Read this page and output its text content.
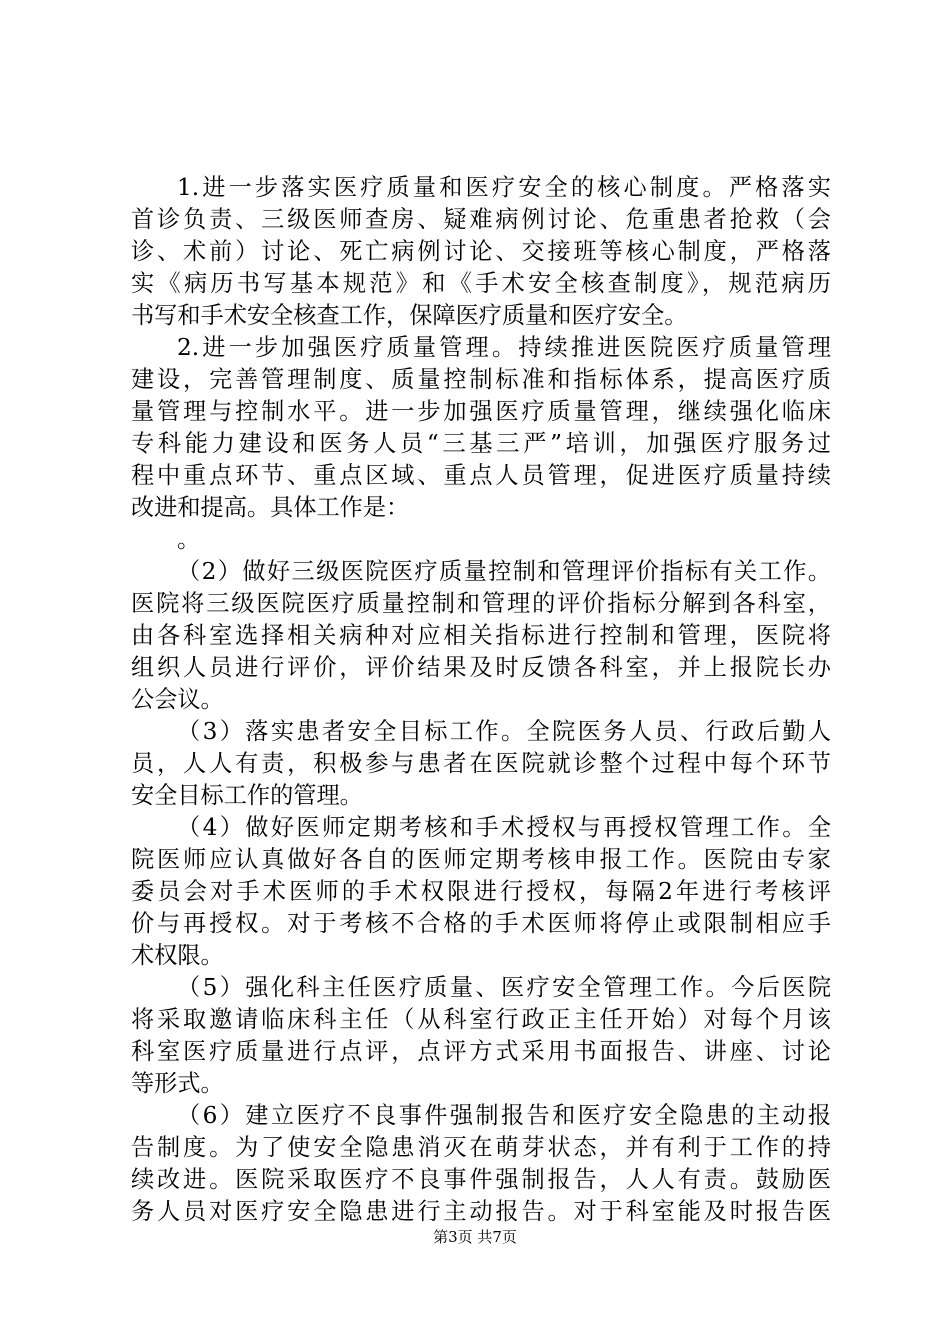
1.进一步落实医疗质量和医疗安全的核心制度。严格落实
首诊负责、三级医师查房、疑难病例讨论、危重患者抢救（会
诊、术前）讨论、死亡病例讨论、交接班等核心制度，严格落
实《病历书写基本规范》和《手术安全核查制度》，规范病历
书写和手术安全核查工作，保障医疗质量和医疗安全。
2.进一步加强医疗质量管理。持续推进医院医疗质量管理
建设，完善管理制度、质量控制标准和指标体系，提高医疗质
量管理与控制水平。进一步加强医疗质量管理，继续强化临床
专科能力建设和医务人员“三基三严”培训，加强医疗服务过
程中重点环节、重点区域、重点人员管理，促进医疗质量持续
改进和提高。具体工作是：
。
（2）做好三级医院医疗质量控制和管理评价指标有关工作。
医院将三级医院医疗质量控制和管理的评价指标分解到各科室，
由各科室选择相关病种对应相关指标进行控制和管理，医院将
组织人员进行评价，评价结果及时反馈各科室，并上报院长办
公会议。
（3）落实患者安全目标工作。全院医务人员、行政后勤人
员，人人有责，积极参与患者在医院就诊整个过程中每个环节
安全目标工作的管理。
（4）做好医师定期考核和手术授权与再授权管理工作。全
院医师应认真做好各自的医师定期考核申报工作。医院由专家
委员会对手术医师的手术权限进行授权，每隔2年进行考核评
价与再授权。对于考核不合格的手术医师将停止或限制相应手
术权限。
（5）强化科主任医疗质量、医疗安全管理工作。今后医院
将采取邀请临床科主任（从科室行政正主任开始）对每个月该
科室医疗质量进行点评，点评方式采用书面报告、讲座、讨论
等形式。
（6）建立医疗不良事件强制报告和医疗安全隐患的主动报
告制度。为了使安全隐患消灭在萌芽状态，并有利于工作的持
续改进。医院采取医疗不良事件强制报告，人人有责。鼓励医
务人员对医疗安全隐患进行主动报告。对于科室能及时报告医
第3页 共7页
